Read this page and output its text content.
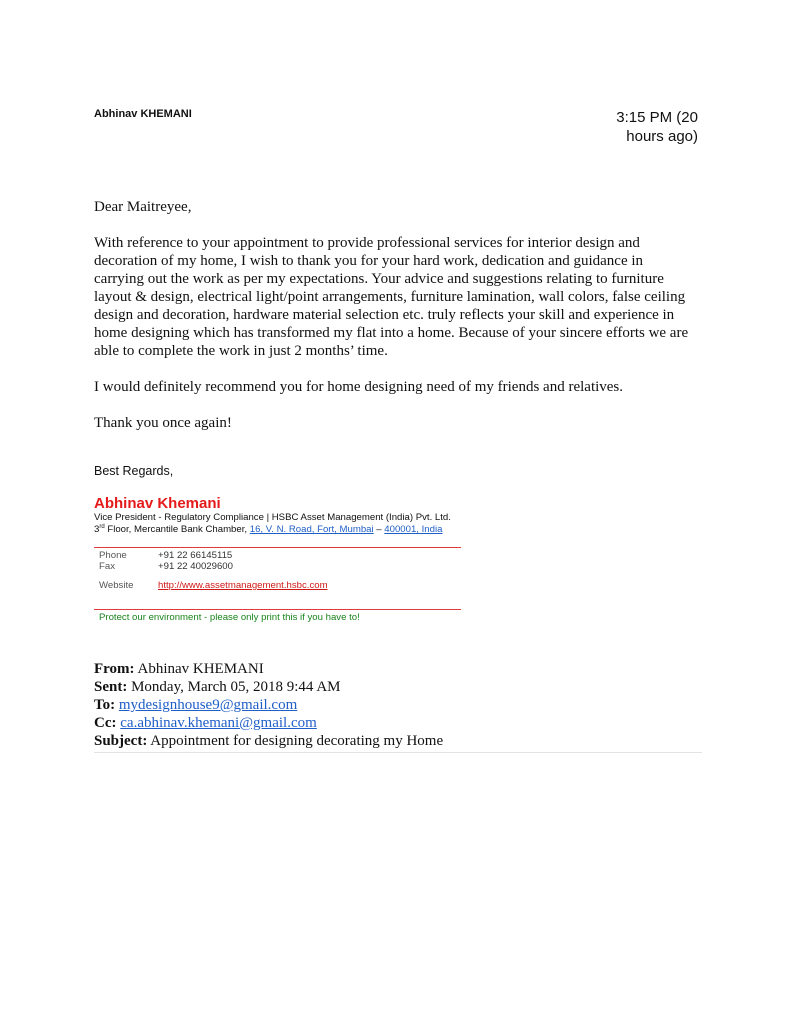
Abhinav KHEMANI	3:15 PM (20
hours ago)

Dear Maitreyee,

With reference to your appointment to provide professional services for interior design and decoration of my home, I wish to thank you for your hard work, dedication and guidance in carrying out the work as per my expectations. Your advice and suggestions relating to furniture layout & design, electrical light/point arrangements, furniture lamination, wall colors, false ceiling design and decoration, hardware material selection etc. truly reflects your skill and experience in home designing which has transformed my flat into a home. Because of your sincere efforts we are able to complete the work in just 2 months’ time.

I would definitely recommend you for home designing need of my friends and relatives.

Thank you once again!

Best Regards,
Abhinav Khemani
Vice President - Regulatory Compliance | HSBC Asset Management (India) Pvt. Ltd.
3rd Floor, Mercantile Bank Chamber, 16, V. N. Road, Fort, Mumbai – 400001, India
Phone	+91 22 66145115
Fax	+91 22 40029600
Website	http://www.assetmanagement.hsbc.com
Protect our environment - please only print this if you have to!
From: Abhinav KHEMANI
Sent: Monday, March 05, 2018 9:44 AM
To: mydesignhouse9@gmail.com
Cc: ca.abhinav.khemani@gmail.com
Subject: Appointment for designing decorating my Home
